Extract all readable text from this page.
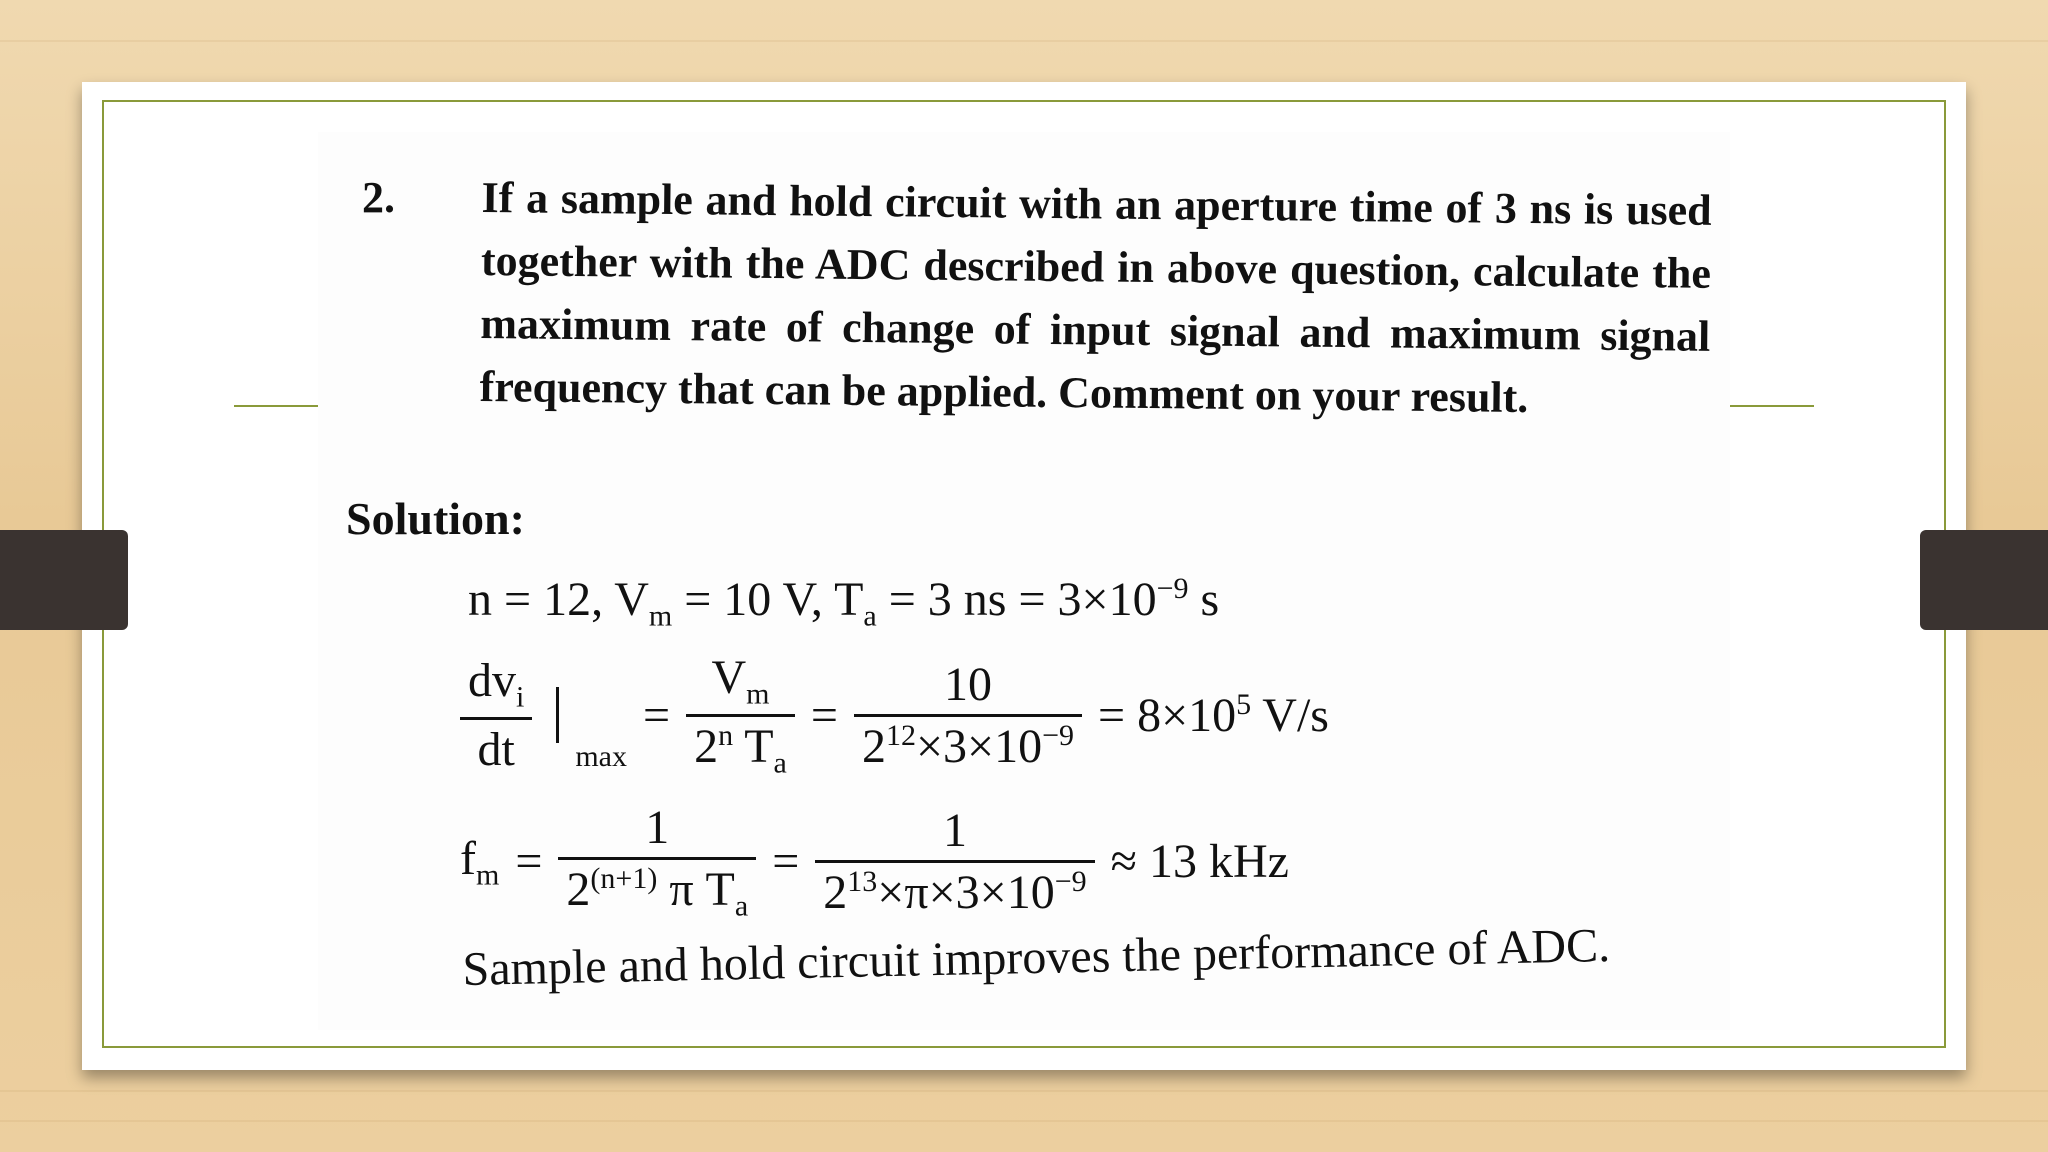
2. If a sample and hold circuit with an aperture time of 3 ns is used together with the ADC described in above question, calculate the maximum rate of change of input signal and maximum signal frequency that can be applied. Comment on your result.
Solution:
n = 12, $V_m = 10$ V, $T_a = 3$ ns = $3\times 10^{-9}$ s
$\frac{dv_i}{dt}$ max
= $\frac{V_m}{2^n T_a} = \frac{10}{2^{12}\times 3\times 10^{-9}} = 8\times 10^5$ V/s
$f_m = \frac{1}{2^{(n+1)} \pi T_a} = \frac{1}{2^{13}\times\pi\times 3\times 10^{-9}} \approx 13$ kHz
Sample and hold circuit improves the performance of ADC.
